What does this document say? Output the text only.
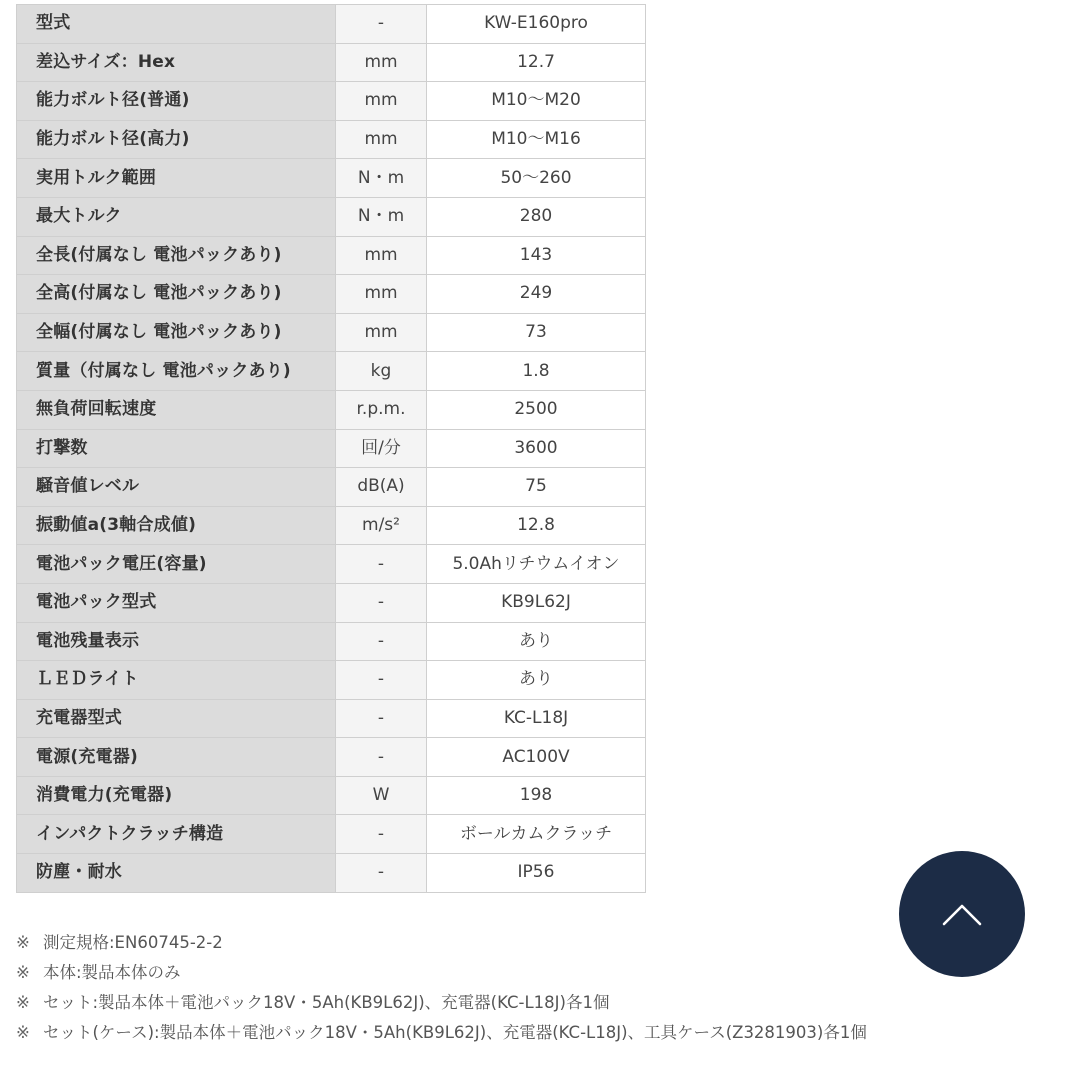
型式	-	KW-E160pro
差込サイズ：Hex	mm	12.7
能力ボルト径(普通)	mm	M10〜M20
能力ボルト径(高力)	mm	M10〜M16
実用トルク範囲	N・m	50〜260
最大トルク	N・m	280
全長(付属なし 電池パックあり)	mm	143
全高(付属なし 電池パックあり)	mm	249
全幅(付属なし 電池パックあり)	mm	73
質量（付属なし 電池パックあり)	kg	1.8
無負荷回転速度	r.p.m.	2500
打撃数	回/分	3600
騒音値レベル	dB(A)	75
振動値a(3軸合成値)	m/s²	12.8
電池パック電圧(容量)	-	5.0Ahリチウムイオン
電池パック型式	-	KB9L62J
電池残量表示	-	あり
ＬＥＤライト	-	あり
充電器型式	-	KC-L18J
電源(充電器)	-	AC100V
消費電力(充電器)	W	198
インパクトクラッチ構造	-	ボールカムクラッチ
防塵・耐水	-	IP56
※ 測定規格:EN60745-2-2
※ 本体:製品本体のみ
※ セット:製品本体＋電池パック18V・5Ah(KB9L62J)、充電器(KC-L18J)各1個
※ セット(ケース):製品本体＋電池パック18V・5Ah(KB9L62J)、充電器(KC-L18J)、工具ケース(Z3281903)各1個
